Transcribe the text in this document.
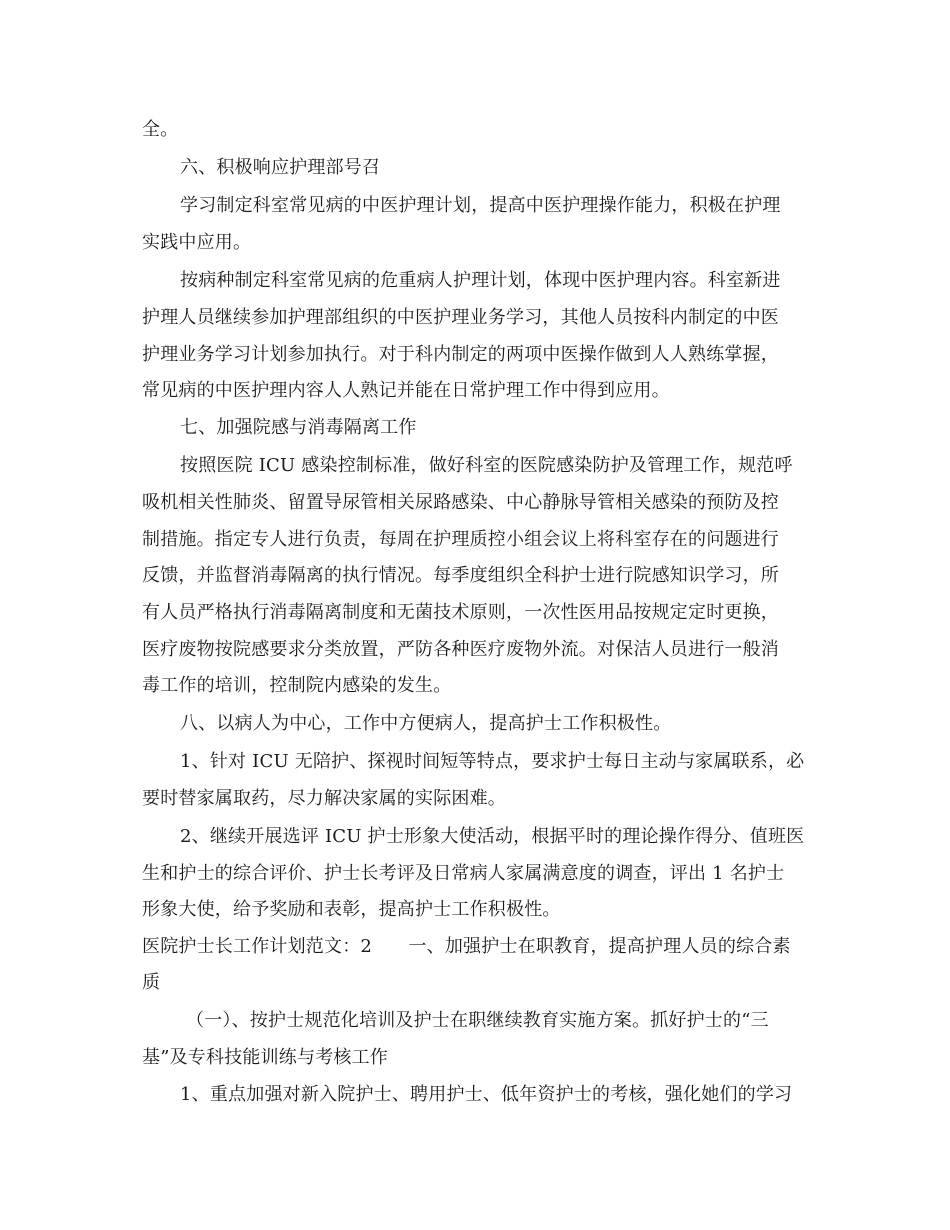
全。
六、积极响应护理部号召
学习制定科室常见病的中医护理计划，提高中医护理操作能力，积极在护理
实践中应用。
按病种制定科室常见病的危重病人护理计划，体现中医护理内容。科室新进
护理人员继续参加护理部组织的中医护理业务学习，其他人员按科内制定的中医
护理业务学习计划参加执行。对于科内制定的两项中医操作做到人人熟练掌握，
常见病的中医护理内容人人熟记并能在日常护理工作中得到应用。
七、加强院感与消毒隔离工作
按照医院 ICU 感染控制标准，做好科室的医院感染防护及管理工作，规范呼
吸机相关性肺炎、留置导尿管相关尿路感染、中心静脉导管相关感染的预防及控
制措施。指定专人进行负责，每周在护理质控小组会议上将科室存在的问题进行
反馈，并监督消毒隔离的执行情况。每季度组织全科护士进行院感知识学习，所
有人员严格执行消毒隔离制度和无菌技术原则，一次性医用品按规定定时更换，
医疗废物按院感要求分类放置，严防各种医疗废物外流。对保洁人员进行一般消
毒工作的培训，控制院内感染的发生。
八、以病人为中心，工作中方便病人，提高护士工作积极性。
1、针对 ICU 无陪护、探视时间短等特点，要求护士每日主动与家属联系，必
要时替家属取药，尽力解决家属的实际困难。
2、继续开展选评 ICU 护士形象大使活动，根据平时的理论操作得分、值班医
生和护士的综合评价、护士长考评及日常病人家属满意度的调查，评出 1 名护士
形象大使，给予奖励和表彰，提高护士工作积极性。
医院护士长工作计划范文：2　　一、加强护士在职教育，提高护理人员的综合素
质
（一）、按护士规范化培训及护士在职继续教育实施方案。抓好护士的“三
基”及专科技能训练与考核工作
1、重点加强对新入院护士、聘用护士、低年资护士的考核，强化她们的学习
